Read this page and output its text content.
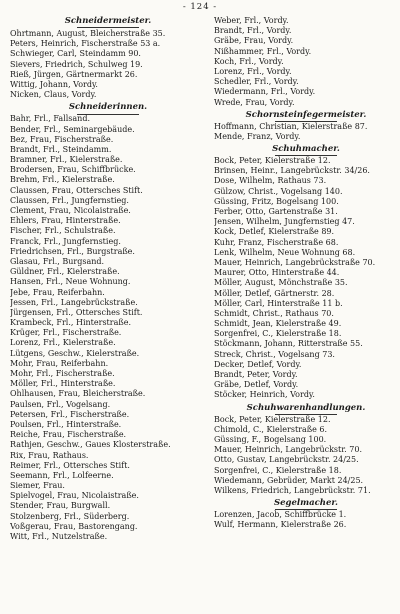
- 124 -
Schneidermeister.
Ohrtmann, August, Bleicherstraße 35.
Peters, Heinrich, Fischerstraße 53 a.
Schwieger, Carl, Steindamm 90.
Sievers, Friedrich, Schulweg 19.
Rieß, Jürgen, Gärtnermarkt 26.
Wittig, Johann, Vordy.
Nicken, Claus, Vordy.
Schneiderinnen.
Bahr, Frl., Fallsand.
Bender, Frl., Seminargebäude.
Bez, Frau, Fischerstraße.
Brandt, Frl., Steindamm.
Bramner, Frl., Kielerstraße.
Brodersen, Frau, Schiffbrücke.
Brehm, Frl., Kielerstraße.
Claussen, Frau, Ottersches Stift.
Claussen, Frl., Jungfernstieg.
Clement, Frau, Nicolaistraße.
Ehlers, Frau, Hinterstraße.
Fischer, Frl., Schulstraße.
Franck, Frl., Jungfernstieg.
Friedrichsen, Frl., Burgstraße.
Glasau, Frl., Burgsand.
Güldner, Frl., Kielerstraße.
Hansen, Frl., Neue Wohnung.
Jebe, Frau, Reiferbahn.
Jessen, Frl., Langebrückstraße.
Jürgensen, Frl., Ottersches Stift.
Krambeck, Frl., Hinterstraße.
Krüger, Frl., Fischerstraße.
Lorenz, Frl., Kielerstraße.
Lütgens, Geschw., Kielerstraße.
Mohr, Frau, Reiferbahn.
Mohr, Frl., Fischerstraße.
Möller, Frl., Hinterstraße.
Ohlhausen, Frau, Bleicherstraße.
Paulsen, Frl., Vogelsang.
Petersen, Frl., Fischerstraße.
Poulsen, Frl., Hinterstraße.
Reiche, Frau, Fischerstraße.
Rathjen, Geschw., Gaues Klosterstraße.
Rix, Frau, Rathaus.
Reimer, Frl., Ottersches Stift.
Seemann, Frl., Lolfeerne.
Siemer, Frau.
Spielvogel, Frau, Nicolaistraße.
Stender, Frau, Burgwall.
Stolzenberg, Frl., Süderberg.
Voßgerau, Frau, Bastorengang.
Witt, Frl., Nutzelstraße.
Weber, Frl., Vordy.
Brandt, Frl., Vordy.
Gräbe, Frau, Vordy.
Nißhammer, Frl., Vordy.
Koch, Frl., Vordy.
Lorenz, Frl., Vordy.
Schedler, Frl., Vordy.
Wiedermann, Frl., Vordy.
Wrede, Frau, Vordy.
Schornsteinfegermeister.
Hoffmann, Christian, Kielerstraße 87.
Mende, Franz, Vordy.
Schuhmacher.
Bock, Peter, Kielerstraße 12.
Brinsen, Heinr., Langebrückstr. 34/26.
Dose, Wilhelm, Rathaus 73.
Gülzow, Christ., Vogelsang 140.
Güssing, Fritz, Bogelsang 100.
Ferber, Otto, Gartenstraße 31.
Jensen, Wilhelm, Jungfernstieg 47.
Kock, Detlef, Kielerstraße 89.
Kuhr, Franz, Fischerstraße 68.
Lenk, Wilhelm, Neue Wohnung 68.
Mauer, Heinrich, Langebrückstraße 70.
Maurer, Otto, Hinterstraße 44.
Möller, August, Mönchstraße 35.
Möller, Detlef, Gärtnerstr. 28.
Möller, Carl, Hinterstraße 11 b.
Schmidt, Christ., Rathaus 70.
Schmidt, Jean, Kielerstraße 49.
Sorgenfrei, C., Kielerstraße 18.
Stöckmann, Johann, Ritterstraße 55.
Streck, Christ., Vogelsang 73.
Decker, Detlef, Vordy.
Brandt, Peter, Vordy.
Gräbe, Detlef, Vordy.
Stöcker, Heinrich, Vordy.
Schuhwarenhandlungen.
Bock, Peter, Kielerstraße 12.
Chimold, C., Kielerstraße 6.
Güssing, F., Bogelsang 100.
Mauer, Heinrich, Langebrückstr. 70.
Otto, Gustav, Langebrückstr. 24/25.
Sorgenfrei, C., Kielerstraße 18.
Wiedemann, Gebrüder, Markt 24/25.
Wilkens, Friedrich, Langebrückstr. 71.
Segelmacher.
Lorenzen, Jacob, Schiffbrücke 1.
Wulf, Hermann, Kielerstraße 26.
